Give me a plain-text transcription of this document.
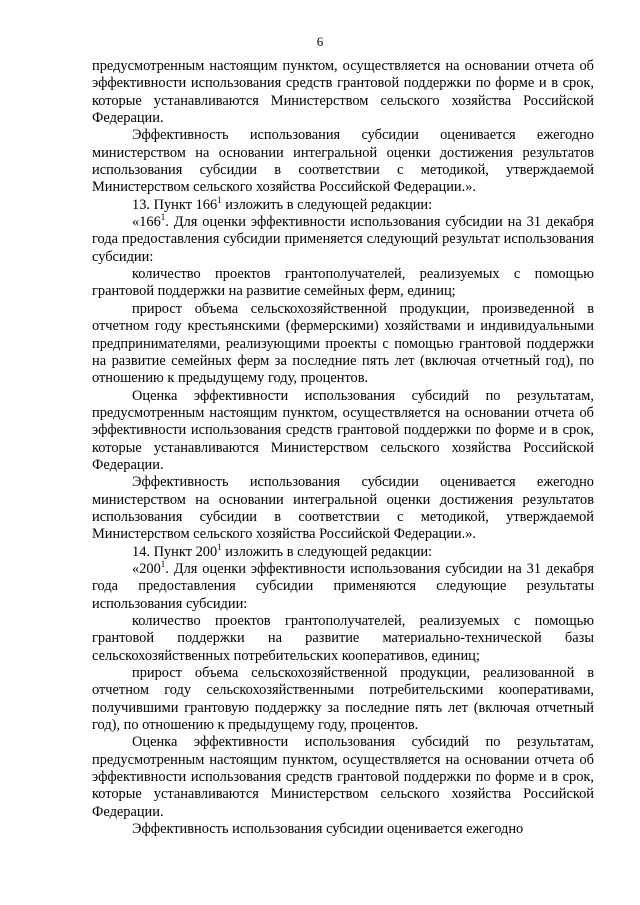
6

предусмотренным настоящим пунктом, осуществляется на основании отчета об эффективности использования средств грантовой поддержки по форме и в срок, которые устанавливаются Министерством сельского хозяйства Российской Федерации.

Эффективность использования субсидии оценивается ежегодно министерством на основании интегральной оценки достижения результатов использования субсидии в соответствии с методикой, утверждаемой Министерством сельского хозяйства Российской Федерации.».

13. Пункт $166^1$ изложить в следующей редакции:

«$166^1$. Для оценки эффективности использования субсидии на 31 декабря года предоставления субсидии применяется следующий результат использования субсидии:

количество проектов грантополучателей, реализуемых с помощью грантовой поддержки на развитие семейных ферм, единиц;

прирост объема сельскохозяйственной продукции, произведенной в отчетном году крестьянскими (фермерскими) хозяйствами и индивидуальными предпринимателями, реализующими проекты с помощью грантовой поддержки на развитие семейных ферм за последние пять лет (включая отчетный год), по отношению к предыдущему году, процентов.

Оценка эффективности использования субсидий по результатам, предусмотренным настоящим пунктом, осуществляется на основании отчета об эффективности использования средств грантовой поддержки по форме и в срок, которые устанавливаются Министерством сельского хозяйства Российской Федерации.

Эффективность использования субсидии оценивается ежегодно министерством на основании интегральной оценки достижения результатов использования субсидии в соответствии с методикой, утверждаемой Министерством сельского хозяйства Российской Федерации.».

14. Пункт $200^1$ изложить в следующей редакции:

«$200^1$. Для оценки эффективности использования субсидии на 31 декабря года предоставления субсидии применяются следующие результаты использования субсидии:

количество проектов грантополучателей, реализуемых с помощью грантовой поддержки на развитие материально-технической базы сельскохозяйственных потребительских кооперативов, единиц;

прирост объема сельскохозяйственной продукции, реализованной в отчетном году сельскохозяйственными потребительскими кооперативами, получившими грантовую поддержку за последние пять лет (включая отчетный год), по отношению к предыдущему году, процентов.

Оценка эффективности использования субсидий по результатам, предусмотренным настоящим пунктом, осуществляется на основании отчета об эффективности использования средств грантовой поддержки по форме и в срок, которые устанавливаются Министерством сельского хозяйства Российской Федерации.

Эффективность использования субсидии оценивается ежегодно
